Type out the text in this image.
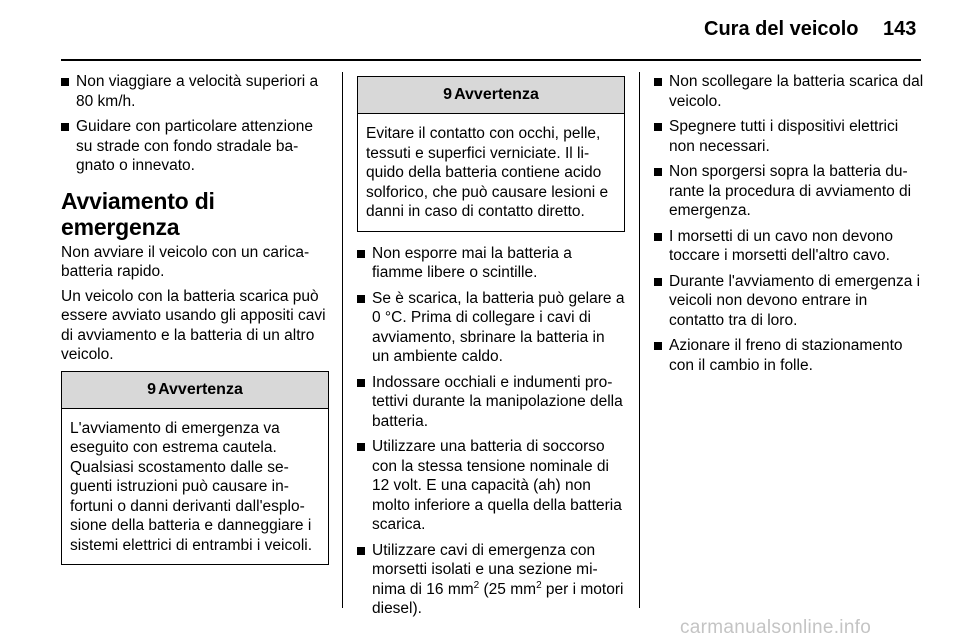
Cura del veicolo 143
Non viaggiare a velocità superiori a 80 km/h.
Guidare con particolare attenzione su strade con fondo stradale bagnato o innevato.
Avviamento di emergenza

Non avviare il veicolo con un caricabatteria rapido.

Un veicolo con la batteria scarica può essere avviato usando gli appositi cavi di avviamento e la batteria di un altro veicolo.

9 Avvertenza
L'avviamento di emergenza va eseguito con estrema cautela. Qualsiasi scostamento dalle seguenti istruzioni può causare infortuni o danni derivanti dall'esplosione della batteria e danneggiare i sistemi elettrici di entrambi i veicoli.
9 Avvertenza
Evitare il contatto con occhi, pelle, tessuti e superfici verniciate. Il liquido della batteria contiene acido solforico, che può causare lesioni e danni in caso di contatto diretto.
Non esporre mai la batteria a fiamme libere o scintille.
Se è scarica, la batteria può gelare a 0 °C. Prima di collegare i cavi di avviamento, sbrinare la batteria in un ambiente caldo.
Indossare occhiali e indumenti protettivi durante la manipolazione della batteria.
Utilizzare una batteria di soccorso con la stessa tensione nominale di 12 volt. E una capacità (ah) non molto inferiore a quella della batteria scarica.
Utilizzare cavi di emergenza con morsetti isolati e una sezione minima di 16 $mm^2$ (25 $mm^2$ per i motori diesel).
Non scollegare la batteria scarica dal veicolo.
Spegnere tutti i dispositivi elettrici non necessari.
Non sporgersi sopra la batteria durante la procedura di avviamento di emergenza.
I morsetti di un cavo non devono toccare i morsetti dell'altro cavo.
Durante l'avviamento di emergenza i veicoli non devono entrare in contatto tra di loro.
Azionare il freno di stazionamento con il cambio in folle.
carmanualsonline.info
